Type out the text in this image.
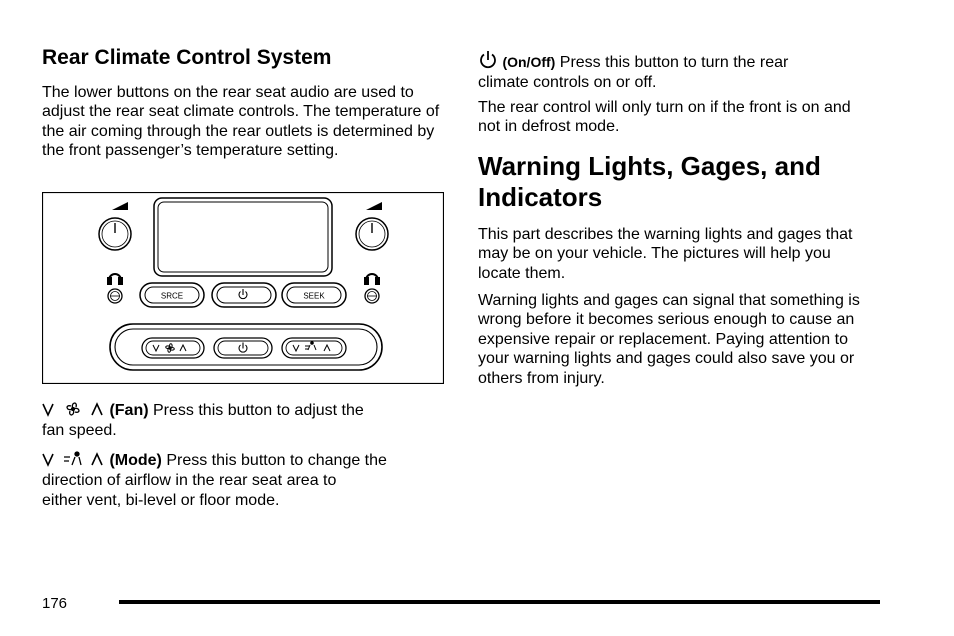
Rear Climate Control System

The lower buttons on the rear seat audio are used to adjust the rear seat climate controls. The temperature of the air coming through the rear outlets is determined by the front passenger’s temperature setting.

SRCE	SEEK
(Fan) Press this button to adjust the
fan speed.
(Mode) Press this button to change the
direction of airflow in the rear seat area to
either vent, bi-level or floor mode.
(On/Off) Press this button to turn the rear
climate controls on or off.

The rear control will only turn on if the front is on and not in defrost mode.

Warning Lights, Gages, and Indicators

This part describes the warning lights and gages that may be on your vehicle. The pictures will help you locate them.

Warning lights and gages can signal that something is wrong before it becomes serious enough to cause an expensive repair or replacement. Paying attention to your warning lights and gages could also save you or others from injury.

176
